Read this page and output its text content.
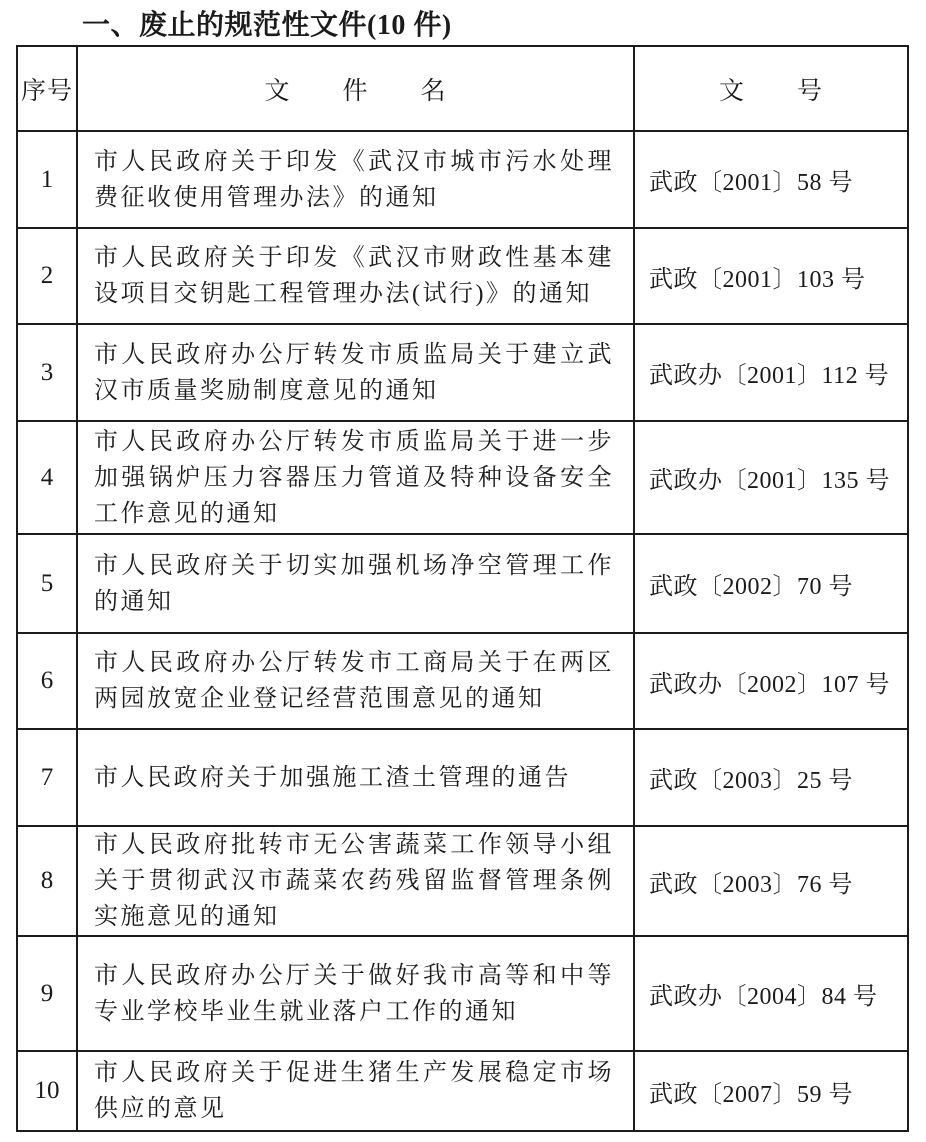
一、废止的规范性文件(10 件)
序号	文　　件　　名	文　　号
1	市人民政府关于印发《武汉市城市污水处理费征收使用管理办法》的通知	武政〔2001〕58 号
2	市人民政府关于印发《武汉市财政性基本建设项目交钥匙工程管理办法(试行)》的通知	武政〔2001〕103 号
3	市人民政府办公厅转发市质监局关于建立武汉市质量奖励制度意见的通知	武政办〔2001〕112 号
4	市人民政府办公厅转发市质监局关于进一步加强锅炉压力容器压力管道及特种设备安全工作意见的通知	武政办〔2001〕135 号
5	市人民政府关于切实加强机场净空管理工作的通知	武政〔2002〕70 号
6	市人民政府办公厅转发市工商局关于在两区两园放宽企业登记经营范围意见的通知	武政办〔2002〕107 号
7	市人民政府关于加强施工渣土管理的通告	武政〔2003〕25 号
8	市人民政府批转市无公害蔬菜工作领导小组关于贯彻武汉市蔬菜农药残留监督管理条例实施意见的通知	武政〔2003〕76 号
9	市人民政府办公厅关于做好我市高等和中等专业学校毕业生就业落户工作的通知	武政办〔2004〕84 号
10	市人民政府关于促进生猪生产发展稳定市场供应的意见	武政〔2007〕59 号
